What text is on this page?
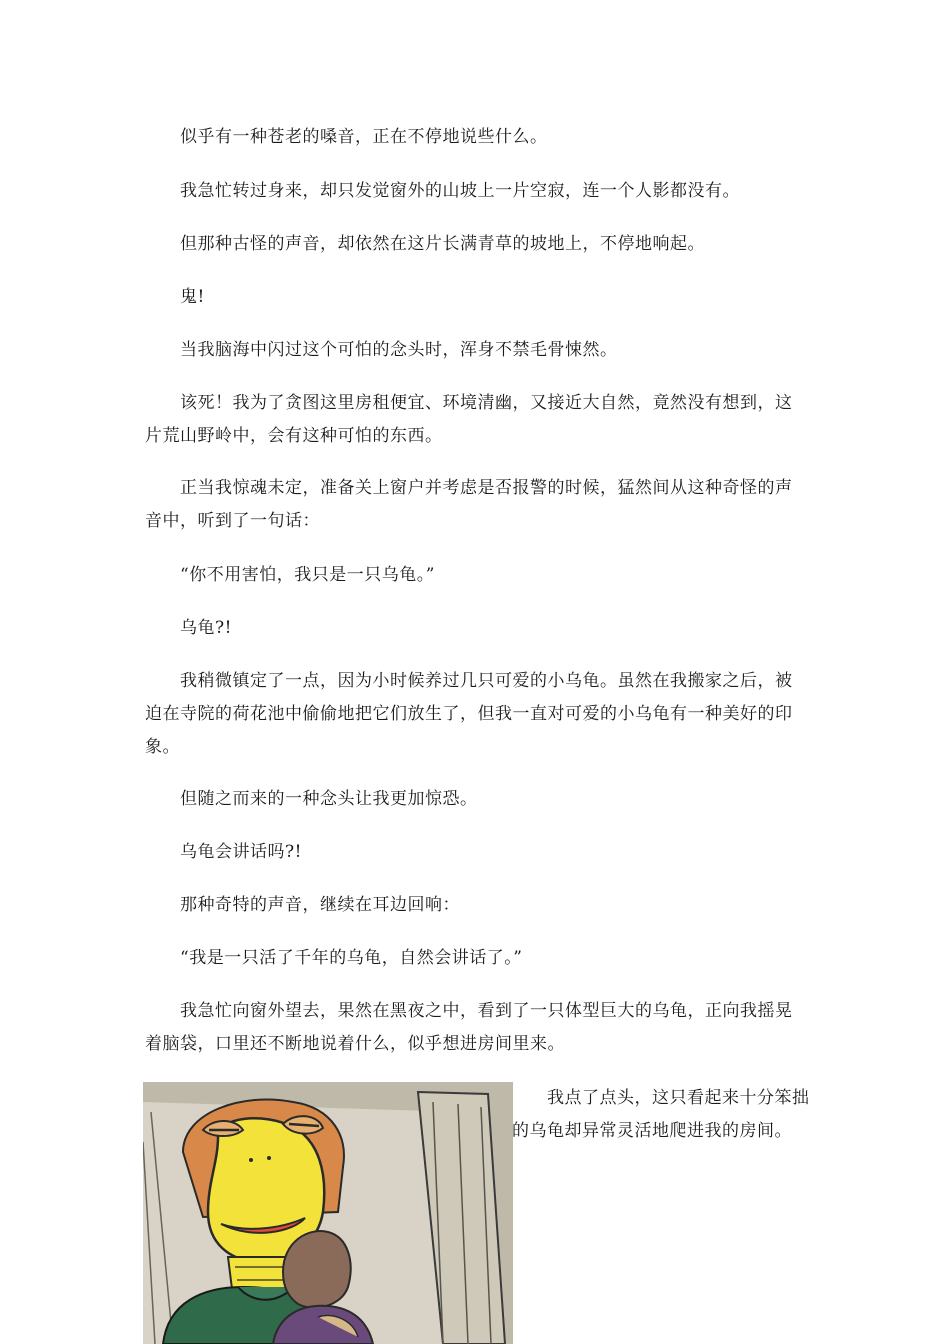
似乎有一种苍老的嗓音，正在不停地说些什么。

我急忙转过身来，却只发觉窗外的山坡上一片空寂，连一个人影都没有。

但那种古怪的声音，却依然在这片长满青草的坡地上，不停地响起。

鬼!

当我脑海中闪过这个可怕的念头时，浑身不禁毛骨悚然。

该死！我为了贪图这里房租便宜、环境清幽，又接近大自然，竟然没有想到，这片荒山野岭中，会有这种可怕的东西。

正当我惊魂未定，准备关上窗户并考虑是否报警的时候，猛然间从这种奇怪的声音中，听到了一句话：

“你不用害怕，我只是一只乌龟。”

乌龟?!

我稍微镇定了一点，因为小时候养过几只可爱的小乌龟。虽然在我搬家之后，被迫在寺院的荷花池中偷偷地把它们放生了，但我一直对可爱的小乌龟有一种美好的印象。

但随之而来的一种念头让我更加惊恐。

乌龟会讲话吗?!

那种奇特的声音，继续在耳边回响：

“我是一只活了千年的乌龟，自然会讲话了。”

我急忙向窗外望去，果然在黑夜之中，看到了一只体型巨大的乌龟，正向我摇晃着脑袋，口里还不断地说着什么，似乎想进房间里来。

我点了点头，这只看起来十分笨拙的乌龟却异常灵活地爬进我的房间。
